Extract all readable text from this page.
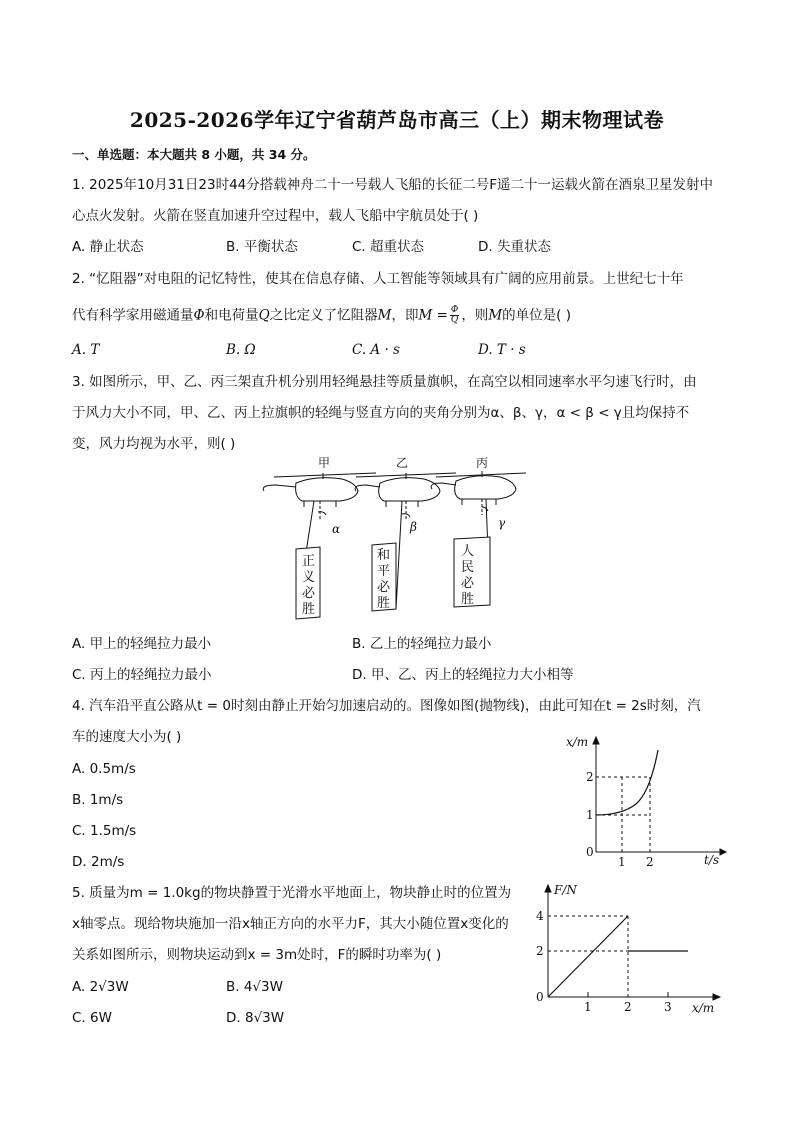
2025-2026学年辽宁省葫芦岛市高三（上）期末物理试卷
一、单选题：本大题共 8 小题，共 34 分。
1. 2025年10月31日23时44分搭载神舟二十一号载人飞船的长征二号F遥二十一运载火箭在酒泉卫星发射中
心点火发射。火箭在竖直加速升空过程中，载人飞船中宇航员处于( )
A. 静止状态	B. 平衡状态	C. 超重状态	D. 失重状态
2. “忆阻器”对电阻的记忆特性，使其在信息存储、人工智能等领域具有广阔的应用前景。上世纪七十年
代有科学家用磁通量Φ和电荷量Q之比定义了忆阻器M，即$M = \frac{\Phi}{Q}$ ，则M的单位是( )
A. T	B. Ω	C. A · s	D. T · s
3. 如图所示，甲、乙、丙三架直升机分别用轻绳悬挂等质量旗帜，在高空以相同速率水平匀速飞行时，由
于风力大小不同，甲、乙、丙上拉旗帜的轻绳与竖直方向的夹角分别为α、β、γ，α < β < γ且均保持不
变，风力均视为水平，则( )
甲	乙	丙
α	β	γ
正
义
必
胜
和
平
必
胜
人
民
必
胜
A. 甲上的轻绳拉力最小	B. 乙上的轻绳拉力最小
C. 丙上的轻绳拉力最小	D. 甲、乙、丙上的轻绳拉力大小相等
4. 汽车沿平直公路从t = 0时刻由静止开始匀加速启动的。图像如图(抛物线)，由此可知在t = 2s时刻，汽
车的速度大小为( )
A. 0.5m/s
B. 1m/s
C. 1.5m/s
D. 2m/s
x/m
t/s
0
1 2
1
2
5. 质量为m = 1.0kg的物块静置于光滑水平地面上，物块静止时的位置为
x轴零点。现给物块施加一沿x轴正方向的水平力F，其大小随位置x变化的
关系如图所示，则物块运动到x = 3m处时，F的瞬时功率为( )
A. 2√3W	B. 4√3W
C. 6W	D. 8√3W
F/N
x/m
0
1	2	3
2
4
